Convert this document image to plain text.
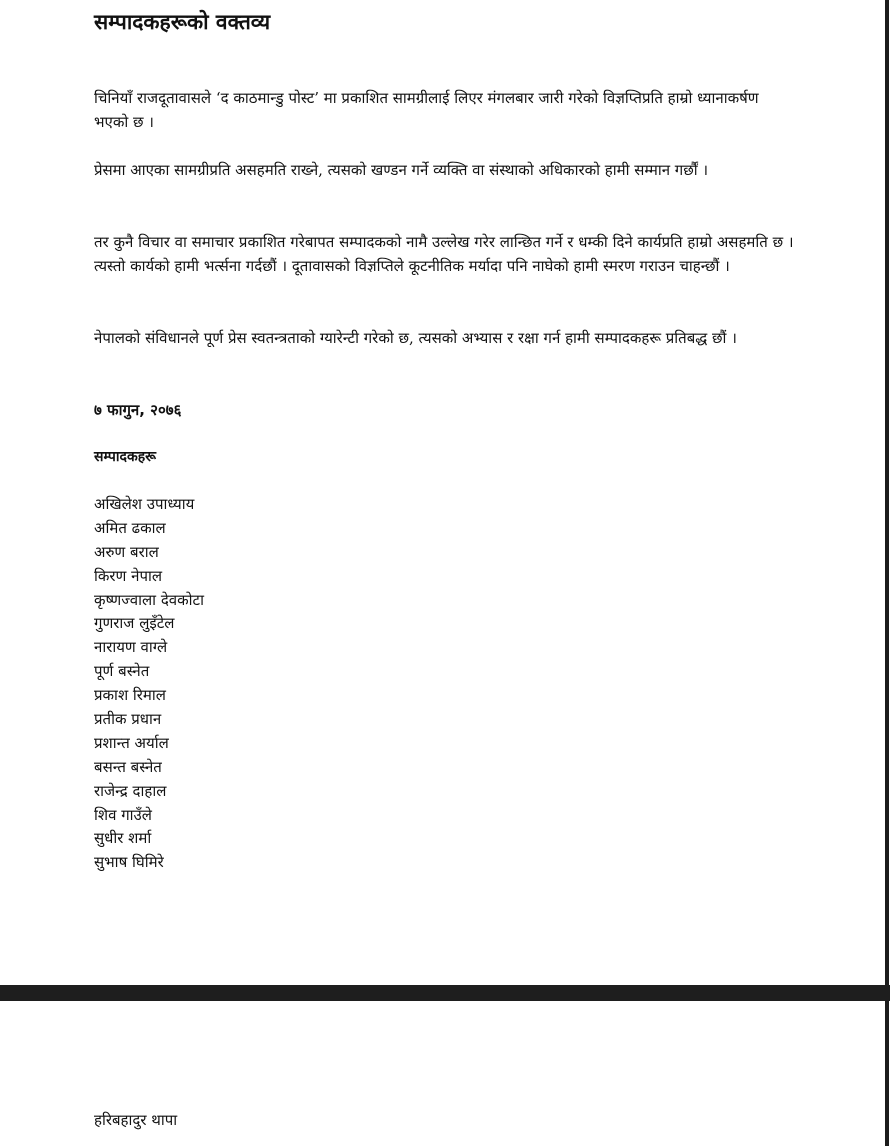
सम्पादकहरूको वक्तव्य

चिनियाँ राजदूतावासले ‘द काठमान्डु पोस्ट’ मा प्रकाशित सामग्रीलाई लिएर मंगलबार जारी गरेको विज्ञप्तिप्रति हाम्रो ध्यानाकर्षण भएको छ ।

प्रेसमा आएका सामग्रीप्रति असहमति राख्ने, त्यसको खण्डन गर्ने व्यक्ति वा संस्थाको अधिकारको हामी सम्मान गर्छौं ।

तर कुनै विचार वा समाचार प्रकाशित गरेबापत सम्पादकको नामै उल्लेख गरेर लान्छित गर्ने र धम्की दिने कार्यप्रति हाम्रो असहमति छ । त्यस्तो कार्यको हामी भर्त्सना गर्दछौं । दूतावासको विज्ञप्तिले कूटनीतिक मर्यादा पनि नाघेको हामी स्मरण गराउन चाहन्छौं ।

नेपालको संविधानले पूर्ण प्रेस स्वतन्त्रताको ग्यारेन्टी गरेको छ, त्यसको अभ्यास र रक्षा गर्न हामी सम्पादकहरू प्रतिबद्ध छौं ।

७ फागुन, २०७६

सम्पादकहरू

अखिलेश उपाध्याय
अमित ढकाल
अरुण बराल
किरण नेपाल
कृष्णज्वाला देवकोटा
गुणराज लुइँटेल
नारायण वाग्ले
पूर्ण बस्नेत
प्रकाश रिमाल
प्रतीक प्रधान
प्रशान्त अर्याल
बसन्त बस्नेत
राजेन्द्र दाहाल
शिव गाउँले
सुधीर शर्मा
सुभाष घिमिरे

हरिबहादुर थापा
